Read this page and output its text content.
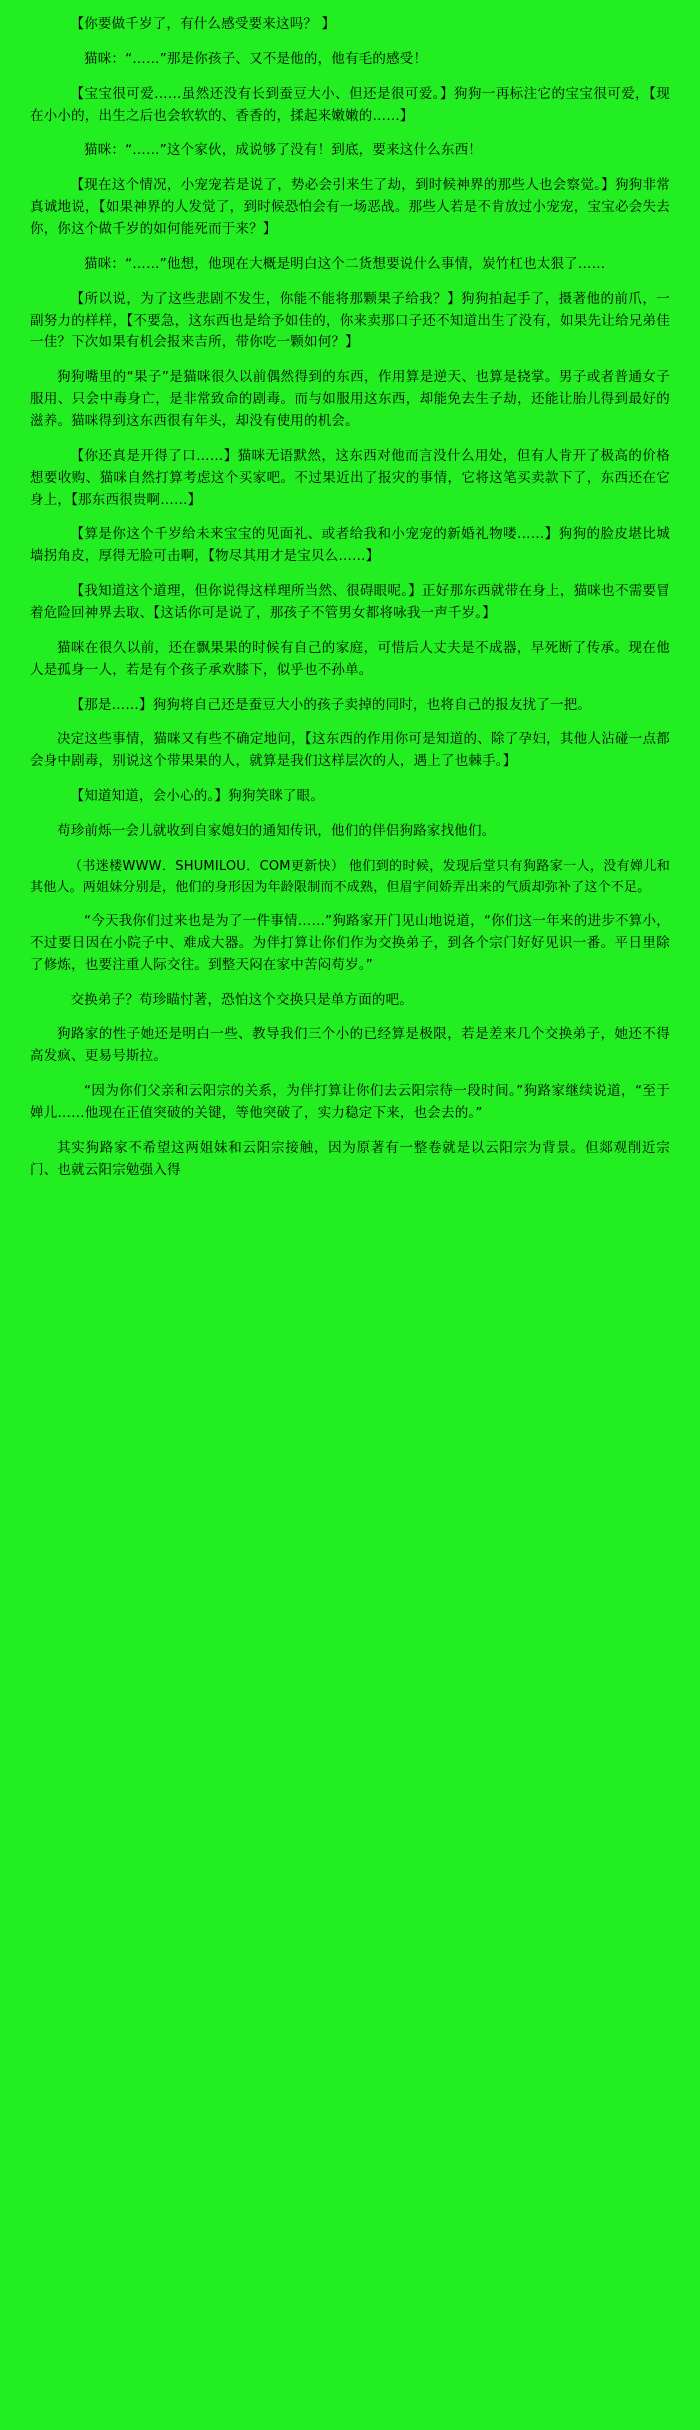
【你要做千岁了，有什么感受要来这吗？ 】

猫咪：“……”那是你孩子、又不是他的，他有毛的感受！

【宝宝很可爱……虽然还没有长到蚕豆大小、但还是很可爱。】狗狗一再标注它的宝宝很可爱，【现在小小的，出生之后也会软软的、香香的，揉起来嫩嫩的……】

猫咪：“……”这个家伙，成说够了没有！到底，要来这什么东西！

【现在这个情况，小宠宠若是说了，势必会引来生了劫，到时候神界的那些人也会察觉。】狗狗非常真诚地说，【如果神界的人发觉了，到时候恐怕会有一场恶战。那些人若是不肯放过小宠宠，宝宝必会失去你，你这个做千岁的如何能死而于来？】

猫咪：“……”他想，他现在大概是明白这个二货想要说什么事情，炭竹杠也太狠了……

【所以说，为了这些悲剧不发生，你能不能将那颗果子给我？】狗狗拍起手了，摄著他的前爪，一副努力的样样，【不要急，这东西也是给予如佳的，你来卖那口子还不知道出生了没有，如果先让给兄弟佳一佳？下次如果有机会报来吉所，带你吃一颗如何？】

狗狗嘴里的“果子”是猫咪很久以前偶然得到的东西，作用算是逆天、也算是挠掌。男子或者普通女子服用、只会中毒身亡，是非常致命的剧毒。而与如服用这东西，却能免去生子劫，还能让胎儿得到最好的滋养。猫咪得到这东西很有年头，却没有使用的机会。

【你还真是开得了口……】猫咪无语默然，这东西对他而言没什么用处，但有人肯开了极高的价格想要收购、猫咪自然打算考虑这个买家吧。不过果近出了报灾的事情，它将这笔买卖款下了，东西还在它身上，【那东西很贵啊……】

【算是你这个千岁给未来宝宝的见面礼、或者给我和小宠宠的新婚礼物喽……】狗狗的脸皮堪比城墙拐角皮，厚得无脸可击啊，【物尽其用才是宝贝么……】

【我知道这个道理，但你说得这样理所当然、很碍眼呢。】正好那东西就带在身上，猫咪也不需要冒着危险回神界去取、【这话你可是说了，那孩子不管男女都将咏我一声千岁。】

猫咪在很久以前，还在飘果果的时候有自己的家庭，可惜后人丈夫是不成器，早死断了传承。现在他人是孤身一人，若是有个孩子承欢膝下，似乎也不孙单。

【那是……】狗狗将自己还是蚕豆大小的孩子卖掉的同时，也将自己的报友扰了一把。

决定这些事情，猫咪又有些不确定地问，【这东西的作用你可是知道的、除了孕妇，其他人沾碰一点都会身中剧毒，别说这个带果果的人，就算是我们这样层次的人，遇上了也棘手。】

【知道知道，会小心的。】狗狗笑眯了眼。

苟珍前烁一会儿就收到自家媳妇的通知传讯，他们的伴侣狗路家找他们。

（书迷楼WWW．SHUMILOU．COM更新快） 他们到的时候，发现后堂只有狗路家一人，没有婵儿和其他人。两姐妹分别是，他们的身形因为年龄限制而不成熟，但眉宇间娇弄出来的气质却弥补了这个不足。

“今天我你们过来也是为了一件事情……”狗路家开门见山地说道，“你们这一年来的进步不算小，不过要日因在小院子中、难成大器。为伴打算让你们作为交换弟子，到各个宗门好好见识一番。平日里除了修炼，也要注重人际交往。到整天闷在家中苦闷苟岁。”

交换弟子？苟珍瞄忖著，恐怕这个交换只是单方面的吧。

狗路家的性子她还是明白一些、教导我们三个小的已经算是极限，若是差来几个交换弟子，她还不得高发疯、更易号斯拉。

“因为你们父亲和云阳宗的关系，为伴打算让你们去云阳宗待一段时间。”狗路家继续说道，“至于婵儿……他现在正值突破的关键，等他突破了，实力稳定下来，也会去的。”

其实狗路家不希望这两姐妹和云阳宗接触，因为原著有一整卷就是以云阳宗为背景。但郯观削近宗门、也就云阳宗勉强入得
